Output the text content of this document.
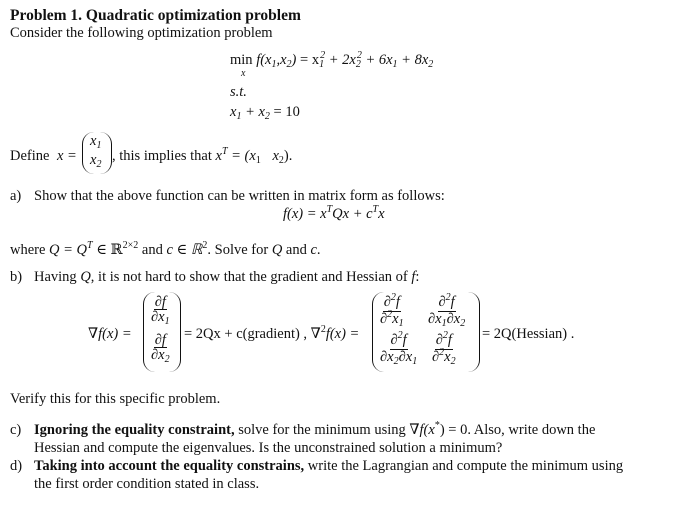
Problem 1. Quadratic optimization problem
Consider the following optimization problem
$\min f(x_1,x_2) = x_1^2 + 2x_2^2 + 6x_1 + 8x_2$
x
s.t.
$x_1 + x_2 = 10$
Define x =
$x_1$
$x_2$
, this implies that $x^T = (x_1$ $x_2$).
a) Show that the above function can be written in matrix form as follows:
$f(x) = x^TQx + c^Tx$
where $Q = Q^T$ ∈ ℝ$^{2\times 2}$ and c ∈ ℝ$^2$. Solve for Q and c.
b) Having Q, it is not hard to show that the gradient and Hessian of f:
∇f(x) =
$\frac{\partial f}{\partial x_1}$
$\frac{\partial f}{\partial x_2} = 2Qx$ + c(gradient) , ∇$^2$f(x) =
$\frac{\partial^2f}{\partial^2x_1} \frac{\partial^2f}{\partial x_1\partial x_2}$
$\frac{\partial^2f}{\partial x_2\partial x_1} \frac{\partial^2f}{\partial^2x_2}$ = 2Q(Hessian) .
Verify this for this specific problem.
c) Ignoring the equality constraint, solve for the minimum using ∇f(x*) = 0. Also, write down the
Hessian and compute the eigenvalues. Is the unconstrained solution a minimum?
d) Taking into account the equality constrains, write the Lagrangian and compute the minimum using
the first order condition stated in class.
